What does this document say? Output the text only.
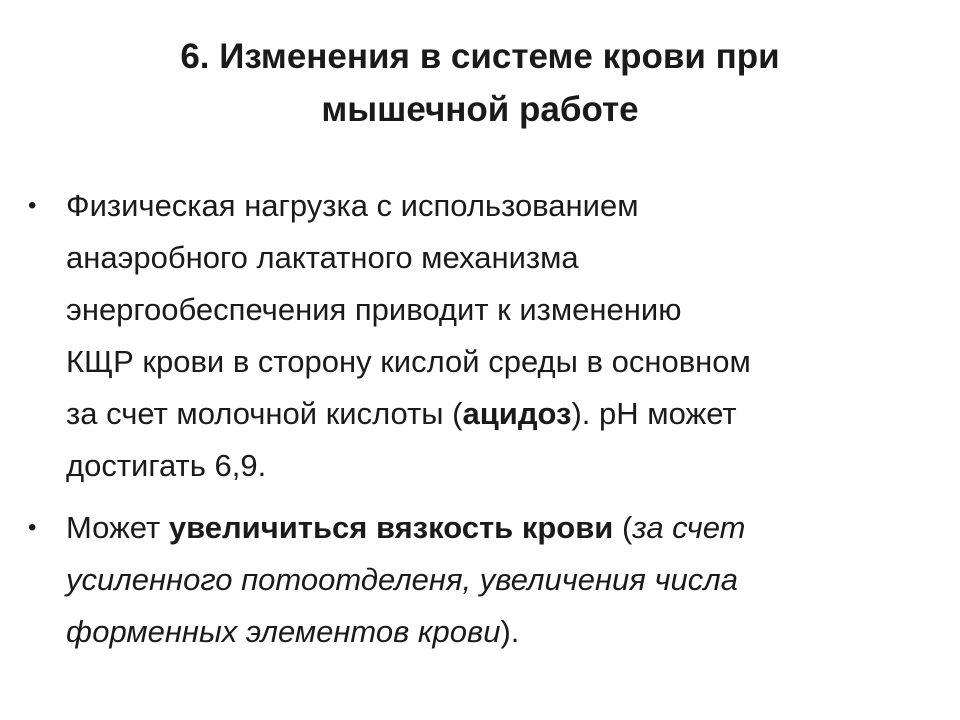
6. Изменения в системе крови при
мышечной работе
• Физическая нагрузка с использованием
анаэробного лактатного механизма
энергообеспечения приводит к изменению
КЩР крови в сторону кислой среды в основном
за счет молочной кислоты (ацидоз). pH может
достигать 6,9.
• Может увеличиться вязкость крови (за счет
усиленного потоотделеня, увеличения числа
форменных элементов крови).
